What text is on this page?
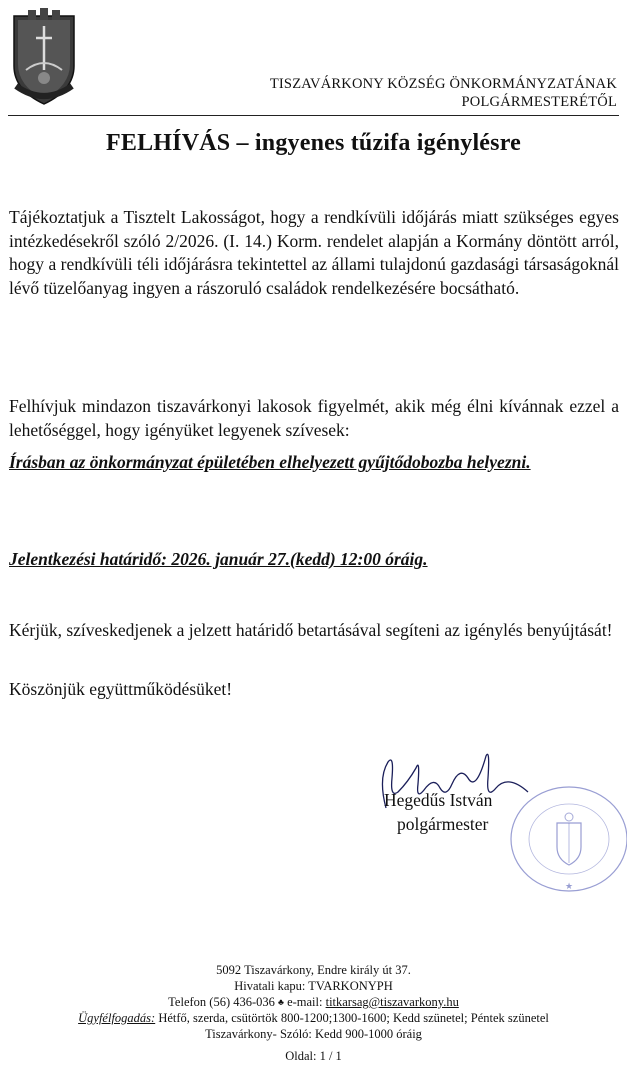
TISZAVÁRKONY KÖZSÉG ÖNKORMÁNYZATÁNAK
POLGÁRMESTERÉTŐL
FELHÍVÁS – ingyenes tűzifa igénylésre
Tájékoztatjuk a Tisztelt Lakosságot, hogy a rendkívüli időjárás miatt szükséges egyes intézkedésekről szóló 2/2026. (I. 14.) Korm. rendelet alapján a Kormány döntött arról, hogy a rendkívüli téli időjárásra tekintettel az állami tulajdonú gazdasági társaságoknál lévő tüzelőanyag ingyen a rászoruló családok rendelkezésére bocsátható.
Felhívjuk mindazon tiszavárkonyi lakosok figyelmét, akik még élni kívánnak ezzel a lehetőséggel, hogy igényüket legyenek szívesek:
Írásban az önkormányzat épületében elhelyezett gyűjtődobozba helyezni.
Jelentkezési határidő: 2026. január 27.(kedd) 12:00 óráig.
Kérjük, szíveskedjenek a jelzett határidő betartásával segíteni az igénylés benyújtását!
Köszönjük együttműködésüket!
Hegedűs István
polgármester
★
5092 Tiszavárkony, Endre király út 37.
Hivatali kapu: TVARKONYPH
Telefon (56) 436-036 ♣ e-mail: titkarsag@tiszavarkony.hu
Ügyfélfogadás: Hétfő, szerda, csütörtök 800-1200;1300-1600; Kedd szünetel; Péntek szünetel
Tiszavárkony- Szóló: Kedd 900-1000 óráig
Oldal: 1 / 1
